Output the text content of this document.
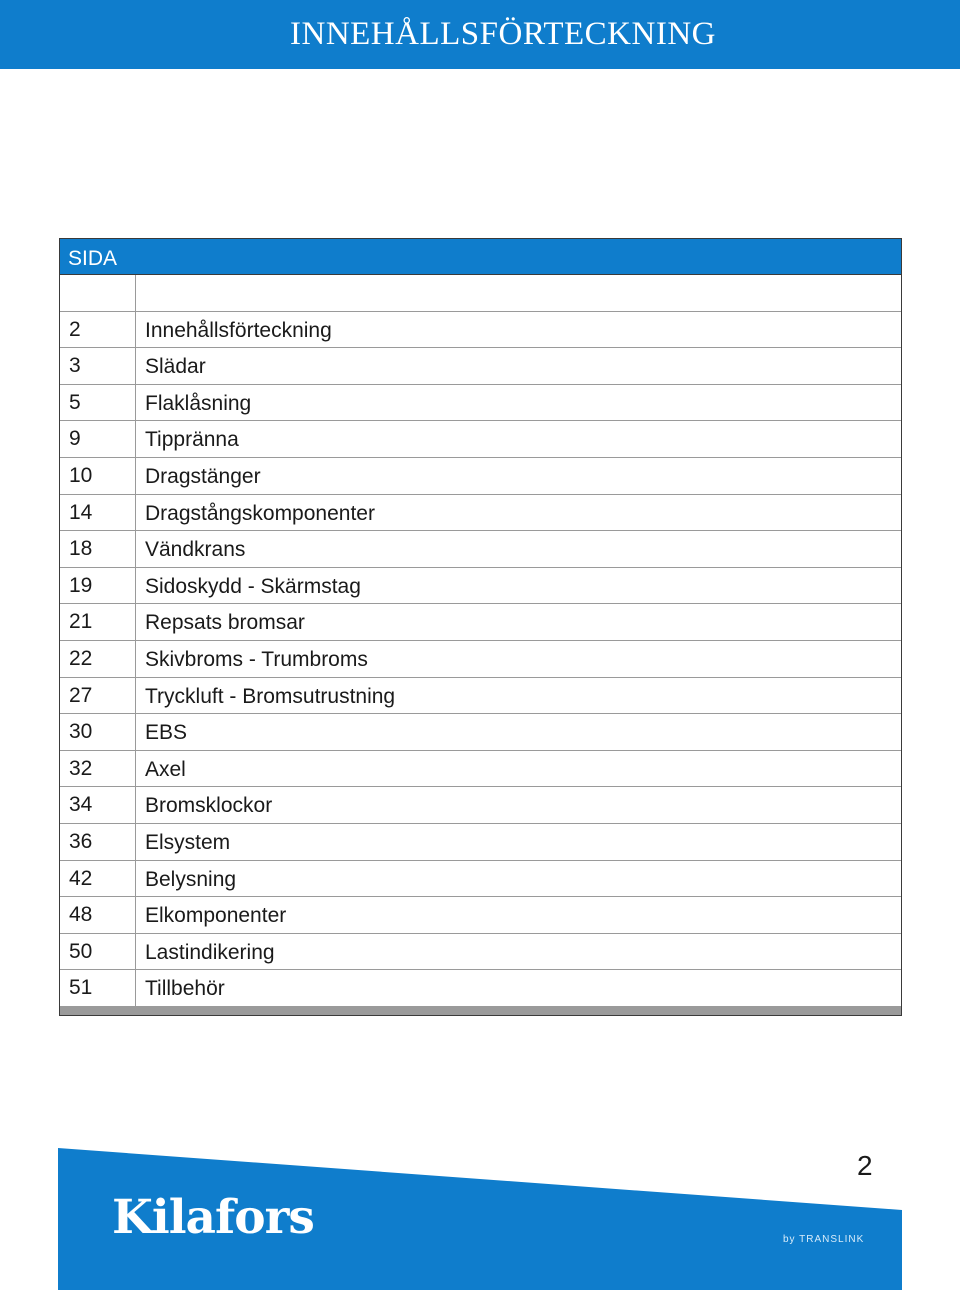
INNEHÅLLSFÖRTECKNING
SIDA
2	Innehållsförteckning
3	Slädar
5	Flaklåsning
9	Tippränna
10	Dragstänger
14	Dragstångskomponenter
18	Vändkrans
19	Sidoskydd - Skärmstag
21	Repsats bromsar
22	Skivbroms - Trumbroms
27	Tryckluft - Bromsutrustning
30	EBS
32	Axel
34	Bromsklockor
36	Elsystem
42	Belysning
48	Elkomponenter
50	Lastindikering
51	Tillbehör
Kilafors	by TRANSLINK
2
